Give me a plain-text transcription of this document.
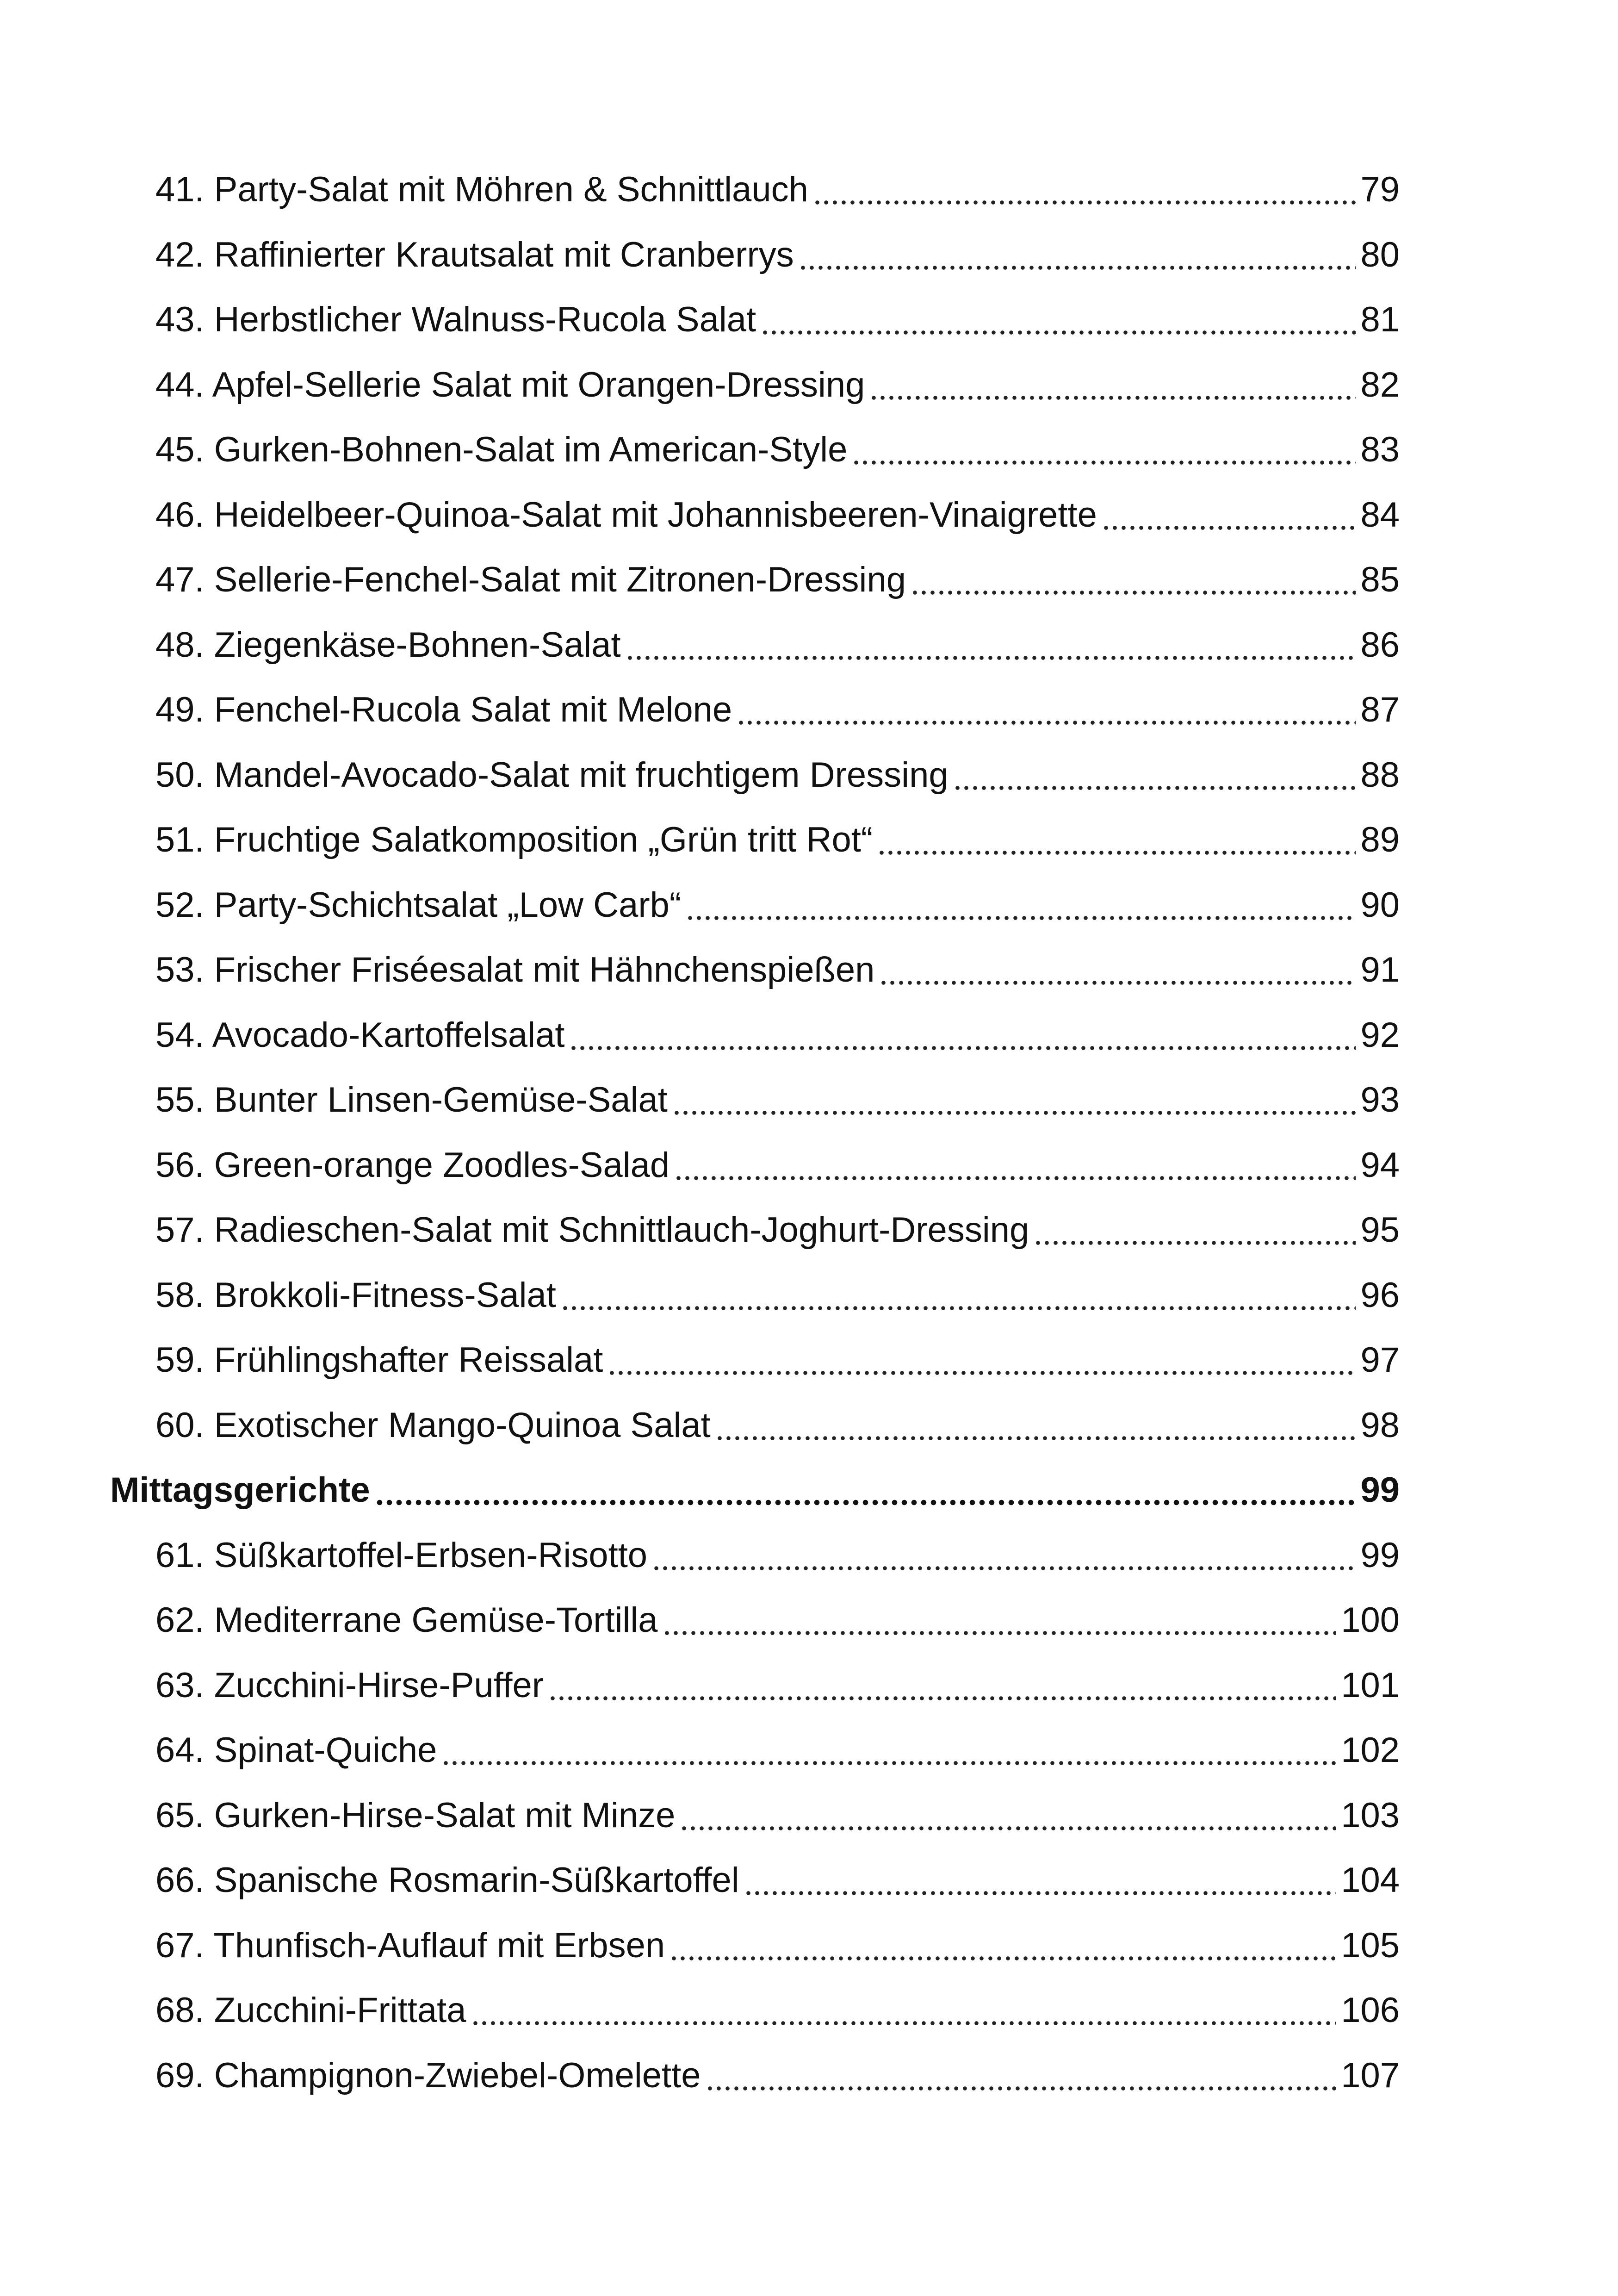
41. Party-Salat mit Möhren & Schnittlauch	79
42. Raffinierter Krautsalat mit Cranberrys	80
43. Herbstlicher Walnuss-Rucola Salat	81
44. Apfel-Sellerie Salat mit Orangen-Dressing	82
45. Gurken-Bohnen-Salat im American-Style	83
46. Heidelbeer-Quinoa-Salat mit Johannisbeeren-Vinaigrette	84
47. Sellerie-Fenchel-Salat mit Zitronen-Dressing	85
48. Ziegenkäse-Bohnen-Salat	86
49. Fenchel-Rucola Salat mit Melone	87
50. Mandel-Avocado-Salat mit fruchtigem Dressing	88
51. Fruchtige Salatkomposition „Grün tritt Rot“	89
52. Party-Schichtsalat „Low Carb“	90
53. Frischer Friséesalat mit Hähnchenspießen	91
54. Avocado-Kartoffelsalat	92
55. Bunter Linsen-Gemüse-Salat	93
56. Green-orange Zoodles-Salad	94
57. Radieschen-Salat mit Schnittlauch-Joghurt-Dressing	95
58. Brokkoli-Fitness-Salat	96
59. Frühlingshafter Reissalat	97
60. Exotischer Mango-Quinoa Salat	98
Mittagsgerichte	99
61. Süßkartoffel-Erbsen-Risotto	99
62. Mediterrane Gemüse-Tortilla	100
63. Zucchini-Hirse-Puffer	101
64. Spinat-Quiche	102
65. Gurken-Hirse-Salat mit Minze	103
66. Spanische Rosmarin-Süßkartoffel	104
67. Thunfisch-Auflauf mit Erbsen	105
68. Zucchini-Frittata	106
69. Champignon-Zwiebel-Omelette	107
